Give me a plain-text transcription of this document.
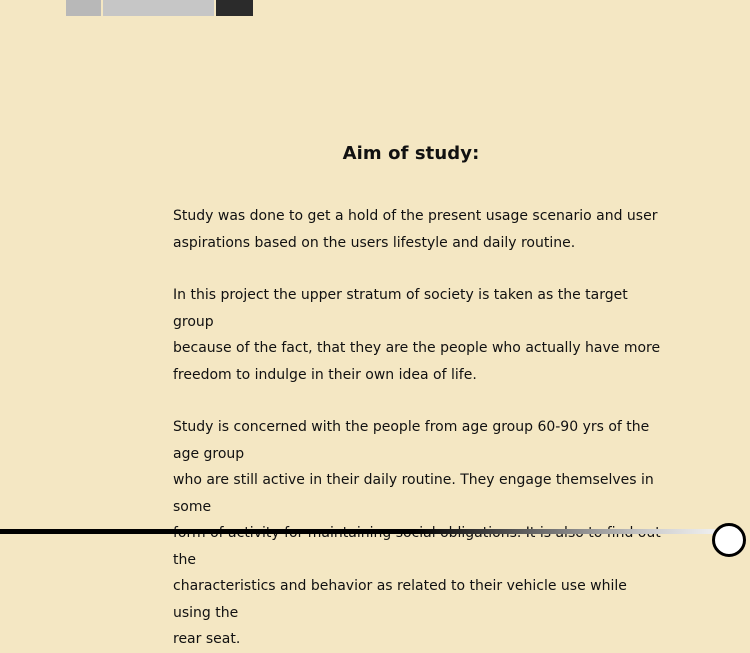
Aim of study:

Study was done to get a hold of the present usage scenario and user
aspirations based on the users lifestyle and daily routine.

In this project the upper stratum of society is taken as the target group
because of the fact, that they are the people who actually have more
freedom to indulge in their own idea of life.

Study is concerned with the people from age group 60-90 yrs of the age group
who are still active in their daily routine. They engage themselves in some
the
characteristics and behavior as related to their vehicle use while using the
rear seat.
